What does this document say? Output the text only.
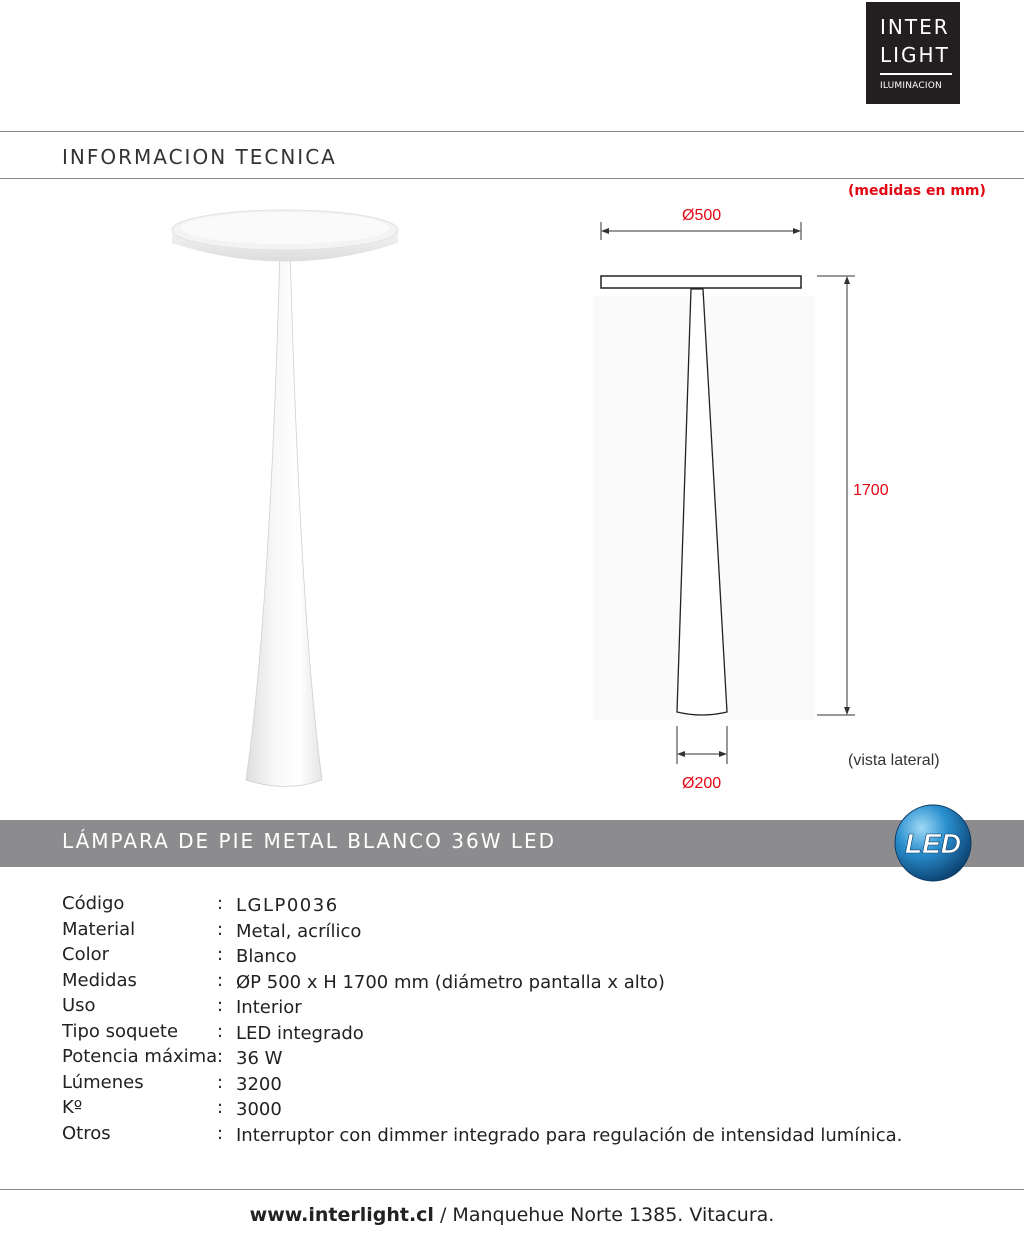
INTER
LIGHT
ILUMINACION
INFORMACION TECNICA
(medidas en mm)
Ø500
1700
Ø200
(vista lateral)
LÁMPARA DE PIE METAL BLANCO 36W LED	LED
Código	: LGLP0036
Material	: Metal, acrílico
Color	: Blanco
Medidas	: ØP 500 x H 1700 mm (diámetro pantalla x alto)
Uso	: Interior
Tipo soquete : LED integrado
Potencia máxima : 36 W
Lúmenes	: 3200
Kº	: 3000
Otros	: Interruptor con dimmer integrado para regulación de intensidad lumínica.
www.interlight.cl / Manquehue Norte 1385. Vitacura.
